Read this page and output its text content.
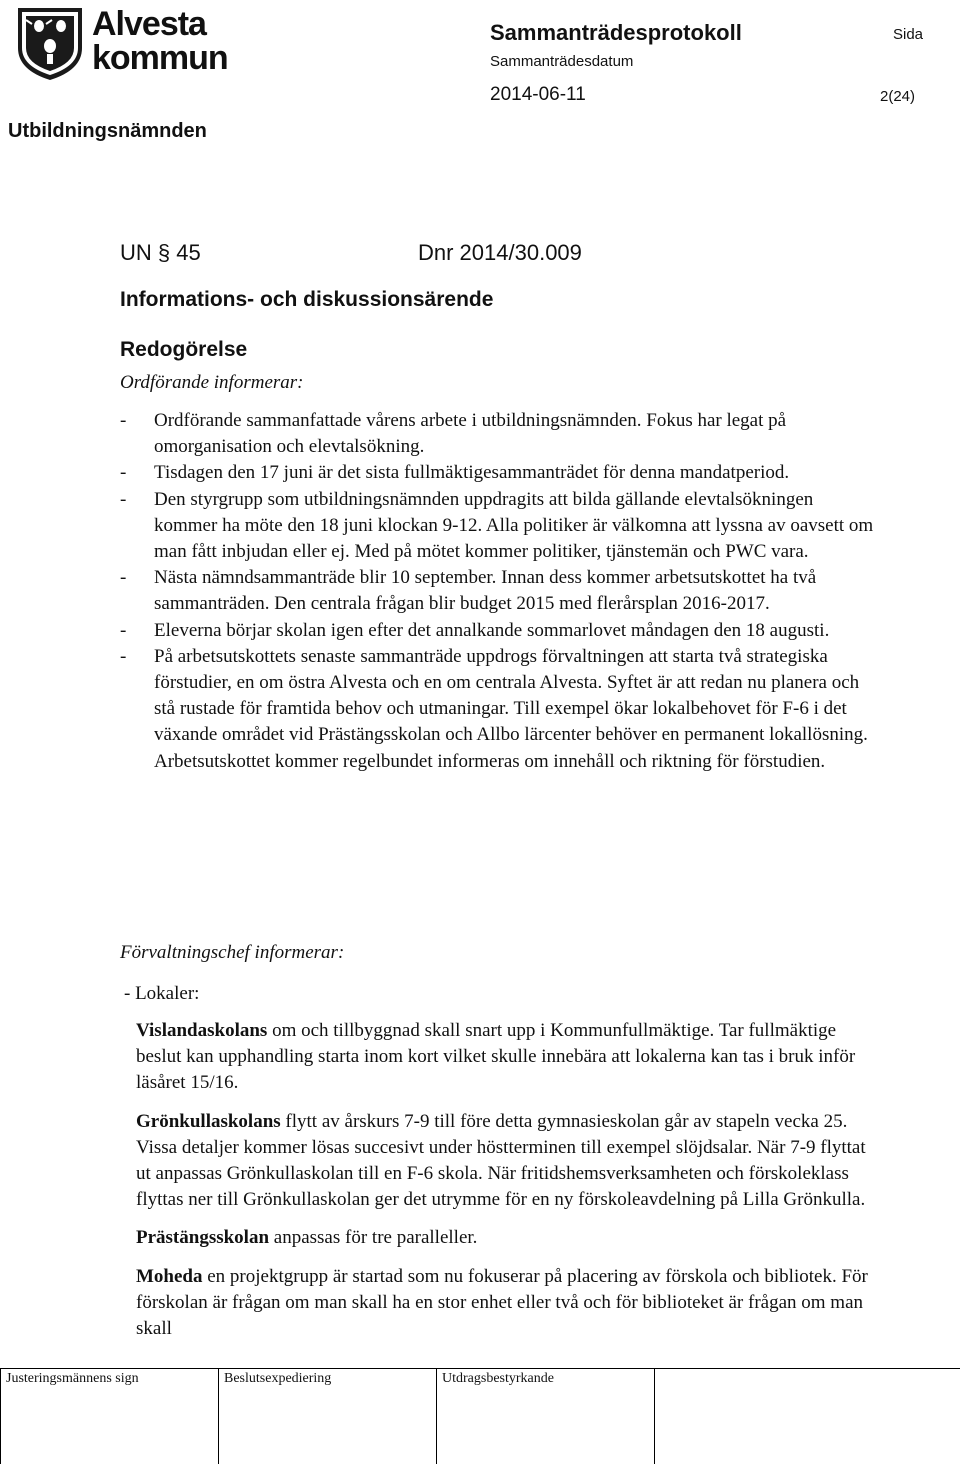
Alvesta
kommun
Sammanträdesprotokoll
Sammanträdesdatum
Sida
2014-06-11	2(24)
Utbildningsnämnden
UN § 45	Dnr 2014/30.009
Informations- och diskussionsärende
Redogörelse
Ordförande informerar:
- Ordförande sammanfattade vårens arbete i utbildningsnämnden. Fokus har legat på omorganisation och elevtalsökning.
- Tisdagen den 17 juni är det sista fullmäktigesammanträdet för denna mandatperiod.
- Den styrgrupp som utbildningsnämnden uppdragits att bilda gällande elevtalsökningen kommer ha möte den 18 juni klockan 9-12. Alla politiker är välkomna att lyssna av oavsett om man fått inbjudan eller ej. Med på mötet kommer politiker, tjänstemän och PWC vara.
- Nästa nämndsammanträde blir 10 september. Innan dess kommer arbetsutskottet ha två sammanträden. Den centrala frågan blir budget 2015 med flerårsplan 2016-2017.
- Eleverna börjar skolan igen efter det annalkande sommarlovet måndagen den 18 augusti.
- På arbetsutskottets senaste sammanträde uppdrogs förvaltningen att starta två strategiska förstudier, en om östra Alvesta och en om centrala Alvesta. Syftet är att redan nu planera och stå rustade för framtida behov och utmaningar. Till exempel ökar lokalbehovet för F-6 i det växande området vid Prästängsskolan och Allbo lärcenter behöver en permanent lokallösning. Arbetsutskottet kommer regelbundet informeras om innehåll och riktning för förstudien.
Förvaltningschef informerar:
- Lokaler:

Vislandaskolans om och tillbyggnad skall snart upp i Kommunfullmäktige. Tar fullmäktige beslut kan upphandling starta inom kort vilket skulle innebära att lokalerna kan tas i bruk inför läsåret 15/16.

Grönkullaskolans flytt av årskurs 7-9 till före detta gymnasieskolan går av stapeln vecka 25. Vissa detaljer kommer lösas succesivt under höstterminen till exempel slöjdsalar. När 7-9 flyttat ut anpassas Grönkullaskolan till en F-6 skola. När fritidshemsverksamheten och förskoleklass flyttas ner till Grönkullaskolan ger det utrymme för en ny förskoleavdelning på Lilla Grönkulla.

Prästängsskolan anpassas för tre paralleller.

Moheda en projektgrupp är startad som nu fokuserar på placering av förskola och bibliotek. För förskolan är frågan om man skall ha en stor enhet eller två och för biblioteket är frågan om man skall

Justeringsmännens sign	Beslutsexpediering	Utdragsbestyrkande
